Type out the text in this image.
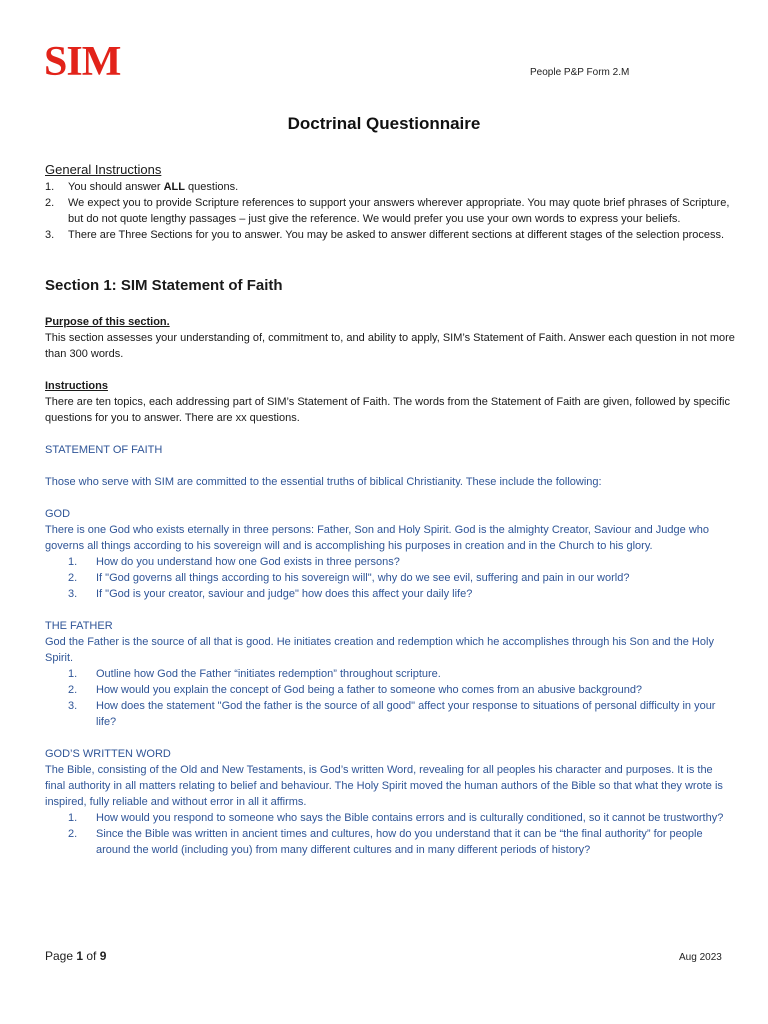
SIM	People P&P Form 2.M
Doctrinal Questionnaire
General Instructions
1. You should answer ALL questions.
2. We expect you to provide Scripture references to support your answers wherever appropriate. You may quote brief phrases of Scripture, but do not quote lengthy passages – just give the reference. We would prefer you use your own words to express your beliefs.
3. There are Three Sections for you to answer. You may be asked to answer different sections at different stages of the selection process.
Section 1: SIM Statement of Faith
Purpose of this section.

This section assesses your understanding of, commitment to, and ability to apply, SIM’s Statement of Faith. Answer each question in not more than 300 words.

Instructions

There are ten topics, each addressing part of SIM’s Statement of Faith. The words from the Statement of Faith are given, followed by specific questions for you to answer. There are xx questions.

STATEMENT OF FAITH

Those who serve with SIM are committed to the essential truths of biblical Christianity. These include the following:

GOD

There is one God who exists eternally in three persons: Father, Son and Holy Spirit. God is the almighty Creator, Saviour and Judge who governs all things according to his sovereign will and is accomplishing his purposes in creation and in the Church to his glory.

1. How do you understand how one God exists in three persons?
2. If "God governs all things according to his sovereign will", why do we see evil, suffering and pain in our world?
3. If "God is your creator, saviour and judge" how does this affect your daily life?
THE FATHER

God the Father is the source of all that is good. He initiates creation and redemption which he accomplishes through his Son and the Holy Spirit.

1. Outline how God the Father “initiates redemption” throughout scripture.
2. How would you explain the concept of God being a father to someone who comes from an abusive background?
3. How does the statement "God the father is the source of all good" affect your response to situations of personal difficulty in your life?
GOD’S WRITTEN WORD

The Bible, consisting of the Old and New Testaments, is God’s written Word, revealing for all peoples his character and purposes. It is the final authority in all matters relating to belief and behaviour. The Holy Spirit moved the human authors of the Bible so that what they wrote is inspired, fully reliable and without error in all it affirms.

1. How would you respond to someone who says the Bible contains errors and is culturally conditioned, so it cannot be trustworthy?
2. Since the Bible was written in ancient times and cultures, how do you understand that it can be “the final authority” for people around the world (including you) from many different cultures and in many different periods of history?
Page 1 of 9	Aug 2023
